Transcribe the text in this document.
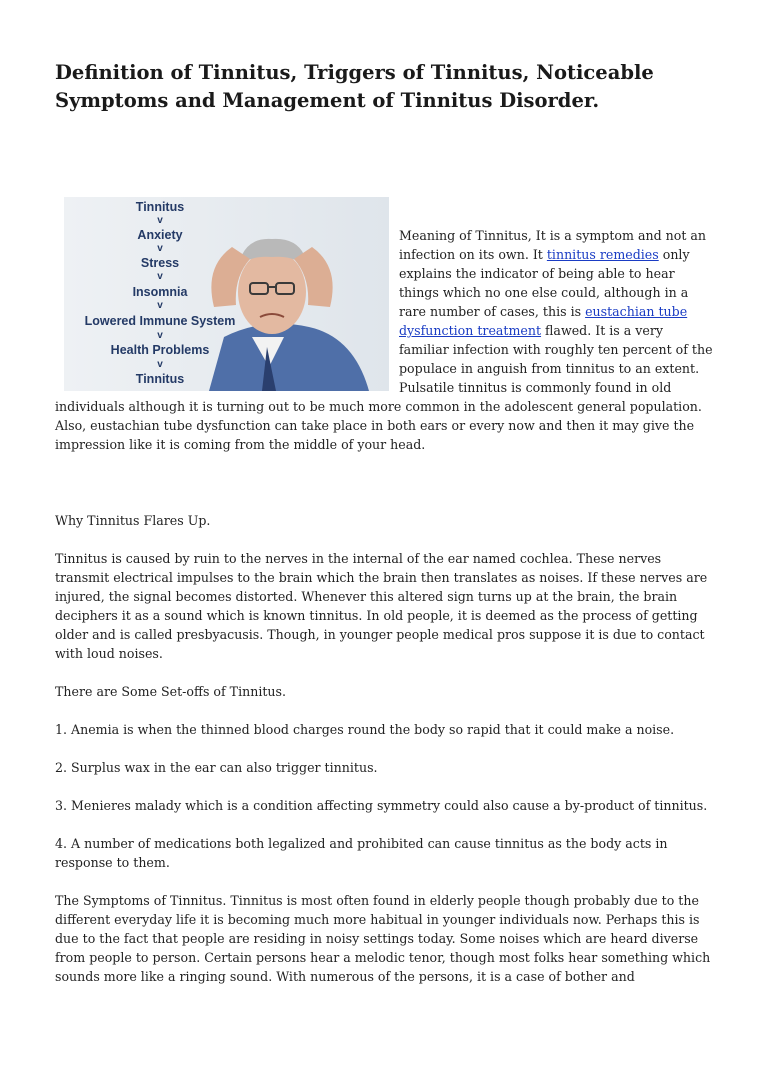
Definition of Tinnitus, Triggers of Tinnitus, Noticeable Symptoms and Management of Tinnitus Disorder.
Tinnitus
v
Anxiety
v
Stress
v
Insomnia
v
Lowered Immune System
v
Health Problems
v
Tinnitus

Meaning of Tinnitus, It is a symptom and not an infection on its own. It tinnitus remedies only explains the indicator of being able to hear things which no one else could, although in a rare number of cases, this is eustachian tube dysfunction treatment flawed. It is a very familiar infection with roughly ten percent of the populace in anguish from tinnitus to an extent. Pulsatile tinnitus is commonly found in old individuals although it is turning out to be much more common in the adolescent general population. Also, eustachian tube dysfunction can take place in both ears or every now and then it may give the impression like it is coming from the middle of your head.

Why Tinnitus Flares Up.

Tinnitus is caused by ruin to the nerves in the internal of the ear named cochlea. These nerves transmit electrical impulses to the brain which the brain then translates as noises. If these nerves are injured, the signal becomes distorted. Whenever this altered sign turns up at the brain, the brain deciphers it as a sound which is known tinnitus. In old people, it is deemed as the process of getting older and is called presbyacusis. Though, in younger people medical pros suppose it is due to contact with loud noises.

There are Some Set-offs of Tinnitus.

1. Anemia is when the thinned blood charges round the body so rapid that it could make a noise.

2. Surplus wax in the ear can also trigger tinnitus.

3. Menieres malady which is a condition affecting symmetry could also cause a by-product of tinnitus.

4. A number of medications both legalized and prohibited can cause tinnitus as the body acts in response to them.

The Symptoms of Tinnitus. Tinnitus is most often found in elderly people though probably due to the different everyday life it is becoming much more habitual in younger individuals now. Perhaps this is due to the fact that people are residing in noisy settings today. Some noises which are heard diverse from people to person. Certain persons hear a melodic tenor, though most folks hear something which sounds more like a ringing sound. With numerous of the persons, it is a case of bother and
